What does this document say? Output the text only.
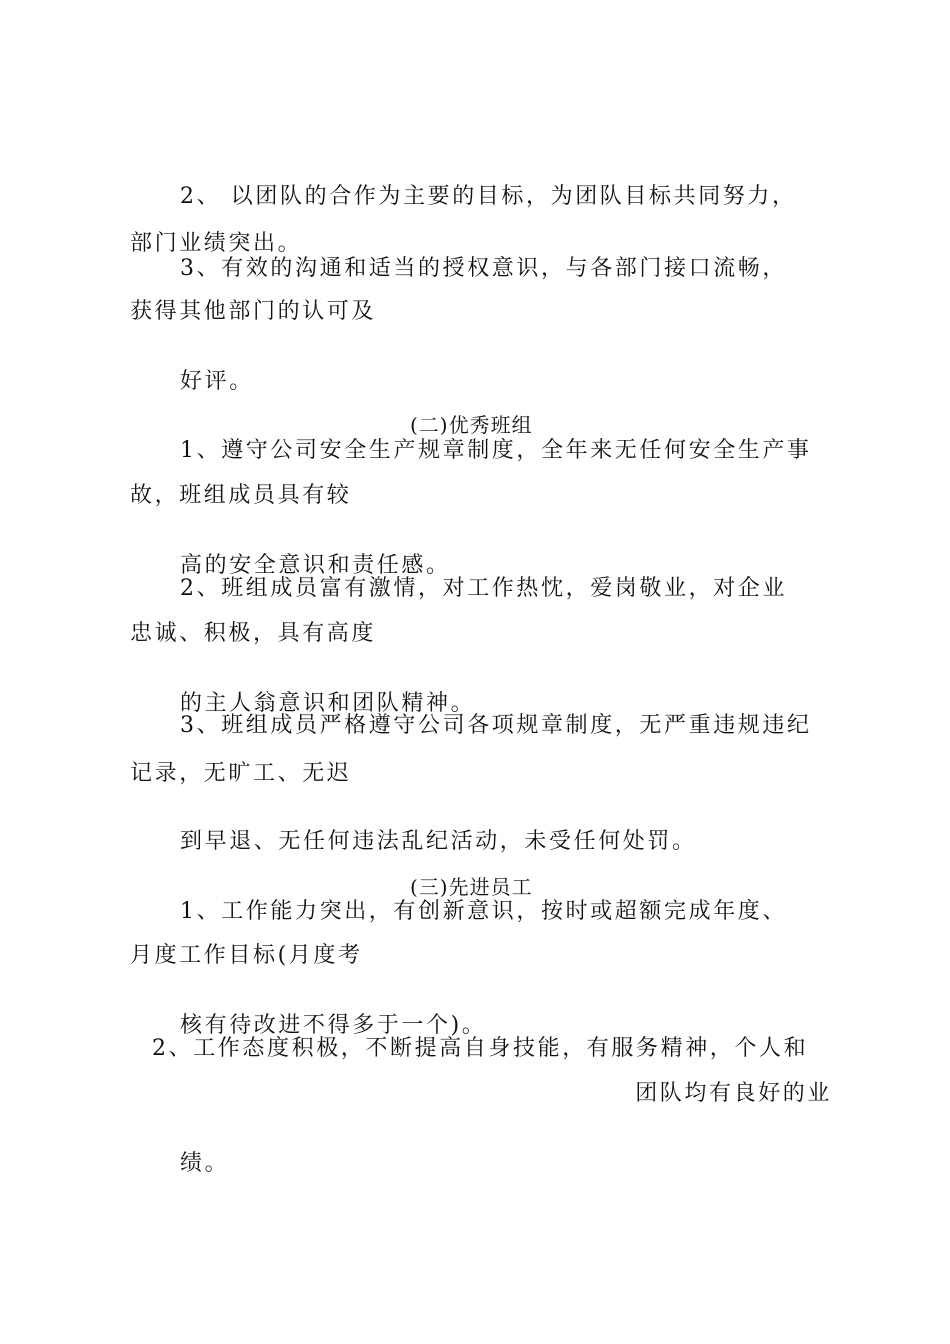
2、 以团队的合作为主要的目标，为团队目标共同努力，

部门业绩突出。

3、有效的沟通和适当的授权意识，与各部门接口流畅，

获得其他部门的认可及

好评。

(二)优秀班组

1、遵守公司安全生产规章制度，全年来无任何安全生产事

故，班组成员具有较

高的安全意识和责任感。

2、班组成员富有激情，对工作热忱，爱岗敬业，对企业

忠诚、积极，具有高度

的主人翁意识和团队精神。

3、班组成员严格遵守公司各项规章制度，无严重违规违纪

记录，无旷工、无迟

到早退、无任何违法乱纪活动，未受任何处罚。

(三)先进员工

1、工作能力突出，有创新意识，按时或超额完成年度、

月度工作目标(月度考

核有待改进不得多于一个)。

2、工作态度积极，不断提高自身技能，有服务精神，个人和

团队均有良好的业

绩。
